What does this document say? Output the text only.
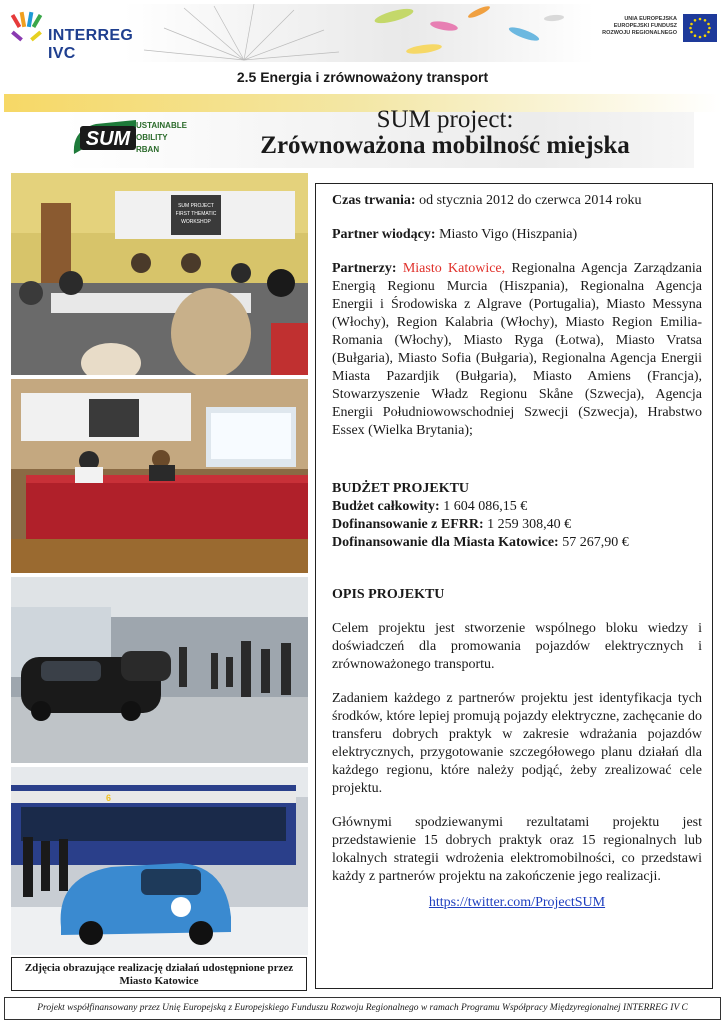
INTERREG IVC
UNIA EUROPEJSKA
EUROPEJSKI FUNDUSZ
ROZWOJU REGIONALNEGO
2.5 Energia i zrównoważony transport
SUM
USTAINABLE
OBILITY
RBAN
SUM project:
Zrównoważona mobilność miejska
SUM PROJECT
FIRST THEMATIC
WORKSHOP
6
Zdjęcia obrazujące realizację działań udostępnione przez Miasto Katowice

Czas trwania: od stycznia 2012 do czerwca 2014 roku

Partner wiodący: Miasto Vigo (Hiszpania)

Partnerzy: Miasto Katowice, Regionalna Agencja Zarządzania Energią Regionu Murcia (Hiszpania), Regionalna Agencja Energii i Środowiska z Algrave (Portugalia), Miasto Messyna (Włochy), Region Kalabria (Włochy), Miasto Region Emilia-Romania (Włochy), Miasto Ryga (Łotwa), Miasto Vratsa (Bułgaria), Miasto Sofia (Bułgaria), Regionalna Agencja Energii Miasta Pazardjik (Bułgaria), Miasto Amiens (Francja), Stowarzyszenie Władz Regionu Skåne (Szwecja), Agencja Energii Południowowschodniej Szwecji (Szwecja), Hrabstwo Essex (Wielka Brytania);

BUDŻET PROJEKTU

Budżet całkowity: 1 604 086,15 €

Dofinansowanie z EFRR: 1 259 308,40 €

Dofinansowanie dla Miasta Katowice: 57 267,90 €

OPIS PROJEKTU

Celem projektu jest stworzenie wspólnego bloku wiedzy i doświadczeń dla promowania pojazdów elektrycznych i zrównoważonego transportu.

Zadaniem każdego z partnerów projektu jest identyfikacja tych środków, które lepiej promują pojazdy elektryczne, zachęcanie do transferu dobrych praktyk w zakresie wdrażania pojazdów elektrycznych, przygotowanie szczegółowego planu działań dla każdego regionu, które należy podjąć, żeby zrealizować cele projektu.

Głównymi spodziewanymi rezultatami projektu jest przedstawienie 15 dobrych praktyk oraz 15 regionalnych lub lokalnych strategii wdrożenia elektromobilności, co przedstawi każdy z partnerów projektu na zakończenie jego realizacji.

https://twitter.com/ProjectSUM
Projekt współfinansowany przez Unię Europejską z Europejskiego Funduszu Rozwoju Regionalnego w ramach Programu Współpracy Międzyregionalnej INTERREG IV C
